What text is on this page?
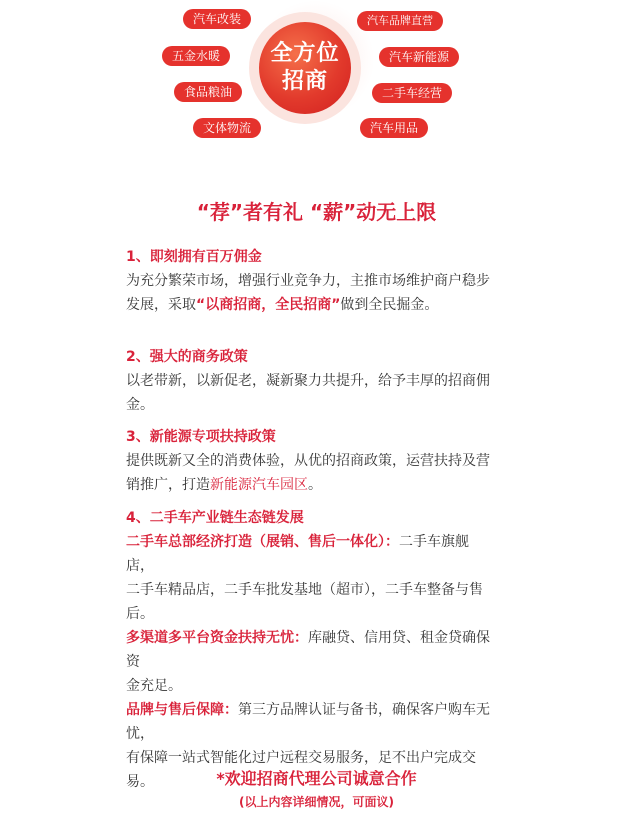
全方位
招商
汽车改装
五金水暖
食品粮油
文体物流
汽车品牌直营
汽车新能源
二手车经营
汽车用品
“荐”者有礼 “薪”动无上限
1、即刻拥有百万佣金
为充分繁荣市场，增强行业竞争力，主推市场维护商户稳步
发展，采取“以商招商，全民招商”做到全民掘金。
2、强大的商务政策
以老带新，以新促老，凝新聚力共提升，给予丰厚的招商佣
金。
3、新能源专项扶持政策
提供既新又全的消费体验，从优的招商政策，运营扶持及营
销推广，打造新能源汽车园区。
4、二手车产业链生态链发展
二手车总部经济打造（展销、售后一体化）：二手车旗舰
店，
二手车精品店，二手车批发基地（超市），二手车整备与售
后。
多渠道多平台资金扶持无忧：库融贷、信用贷、租金贷确保
资
金充足。
品牌与售后保障：第三方品牌认证与备书，确保客户购车无
忧，
有保障一站式智能化过户远程交易服务，足不出户完成交
易。	*欢迎招商代理公司诚意合作
(以上内容详细情况，可面议)
